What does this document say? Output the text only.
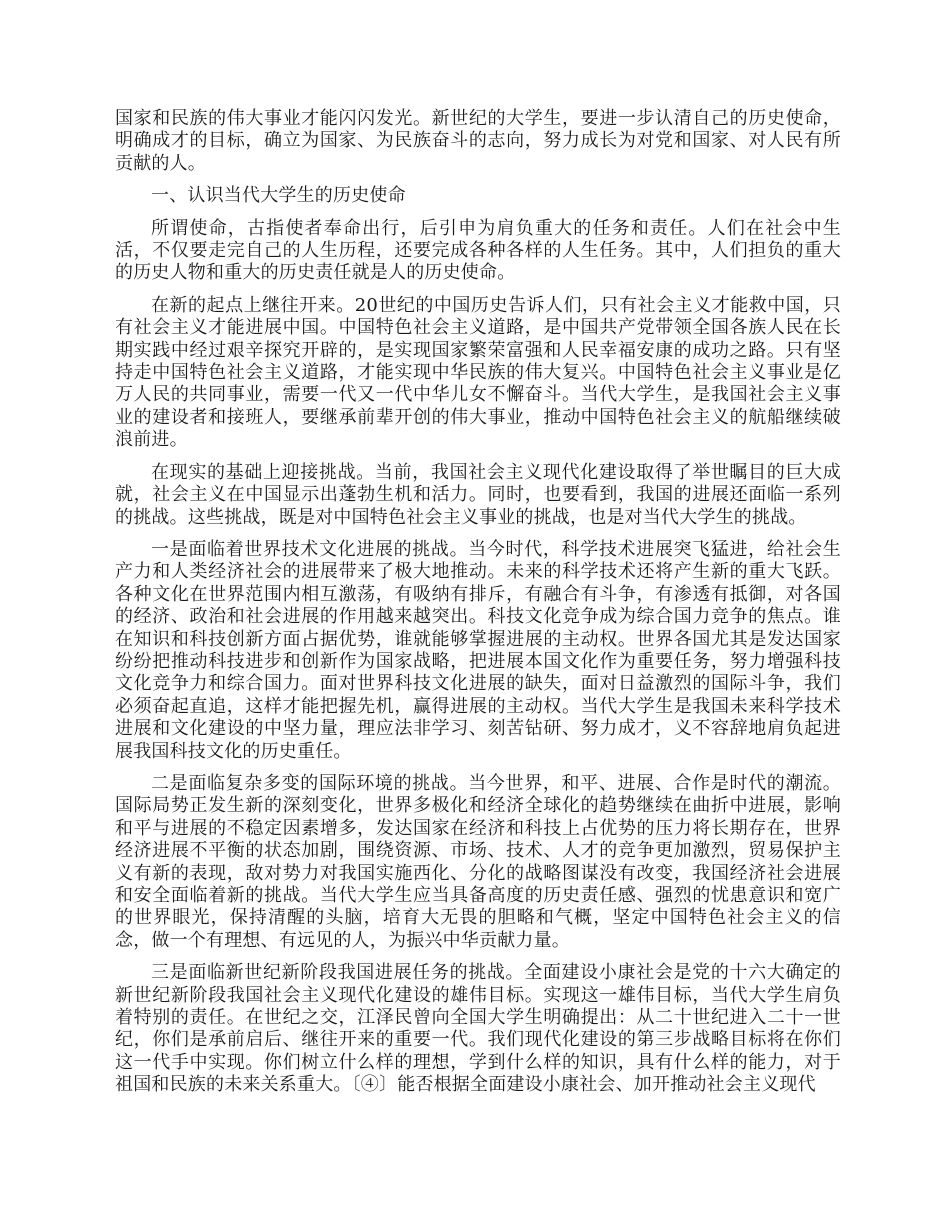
国家和民族的伟大事业才能闪闪发光。新世纪的大学生，要进一步认清自己的历史使命，明确成才的目标，确立为国家、为民族奋斗的志向，努力成长为对党和国家、对人民有所贡献的人。

一、认识当代大学生的历史使命

所谓使命，古指使者奉命出行，后引申为肩负重大的任务和责任。人们在社会中生活，不仅要走完自己的人生历程，还要完成各种各样的人生任务。其中，人们担负的重大的历史人物和重大的历史责任就是人的历史使命。

在新的起点上继往开来。20世纪的中国历史告诉人们，只有社会主义才能救中国，只有社会主义才能进展中国。中国特色社会主义道路，是中国共产党带领全国各族人民在长期实践中经过艰辛探究开辟的，是实现国家繁荣富强和人民幸福安康的成功之路。只有坚持走中国特色社会主义道路，才能实现中华民族的伟大复兴。中国特色社会主义事业是亿万人民的共同事业，需要一代又一代中华儿女不懈奋斗。当代大学生，是我国社会主义事业的建设者和接班人，要继承前辈开创的伟大事业，推动中国特色社会主义的航船继续破浪前进。

在现实的基础上迎接挑战。当前，我国社会主义现代化建设取得了举世瞩目的巨大成就，社会主义在中国显示出蓬勃生机和活力。同时，也要看到，我国的进展还面临一系列的挑战。这些挑战，既是对中国特色社会主义事业的挑战，也是对当代大学生的挑战。

一是面临着世界技术文化进展的挑战。当今时代，科学技术进展突飞猛进，给社会生产力和人类经济社会的进展带来了极大地推动。未来的科学技术还将产生新的重大飞跃。各种文化在世界范围内相互激荡，有吸纳有排斥，有融合有斗争，有渗透有抵御，对各国的经济、政治和社会进展的作用越来越突出。科技文化竞争成为综合国力竞争的焦点。谁在知识和科技创新方面占据优势，谁就能够掌握进展的主动权。世界各国尤其是发达国家纷纷把推动科技进步和创新作为国家战略，把进展本国文化作为重要任务，努力增强科技文化竞争力和综合国力。面对世界科技文化进展的缺失，面对日益激烈的国际斗争，我们必须奋起直追，这样才能把握先机，赢得进展的主动权。当代大学生是我国未来科学技术进展和文化建设的中坚力量，理应法非学习、刻苦钻研、努力成才，义不容辞地肩负起进展我国科技文化的历史重任。

二是面临复杂多变的国际环境的挑战。当今世界，和平、进展、合作是时代的潮流。国际局势正发生新的深刻变化，世界多极化和经济全球化的趋势继续在曲折中进展，影响和平与进展的不稳定因素增多，发达国家在经济和科技上占优势的压力将长期存在，世界经济进展不平衡的状态加剧，围绕资源、市场、技术、人才的竞争更加激烈，贸易保护主义有新的表现，敌对势力对我国实施西化、分化的战略图谋没有改变，我国经济社会进展和安全面临着新的挑战。当代大学生应当具备高度的历史责任感、强烈的忧患意识和宽广的世界眼光，保持清醒的头脑，培育大无畏的胆略和气概，坚定中国特色社会主义的信念，做一个有理想、有远见的人，为振兴中华贡献力量。

三是面临新世纪新阶段我国进展任务的挑战。全面建设小康社会是党的十六大确定的新世纪新阶段我国社会主义现代化建设的雄伟目标。实现这一雄伟目标，当代大学生肩负着特别的责任。在世纪之交，江泽民曾向全国大学生明确提出：从二十世纪进入二十一世纪，你们是承前启后、继往开来的重要一代。我们现代化建设的第三步战略目标将在你们这一代手中实现。你们树立什么样的理想，学到什么样的知识，具有什么样的能力，对于祖国和民族的未来关系重大。〔④〕能否根据全面建设小康社会、加开推动社会主义现代
